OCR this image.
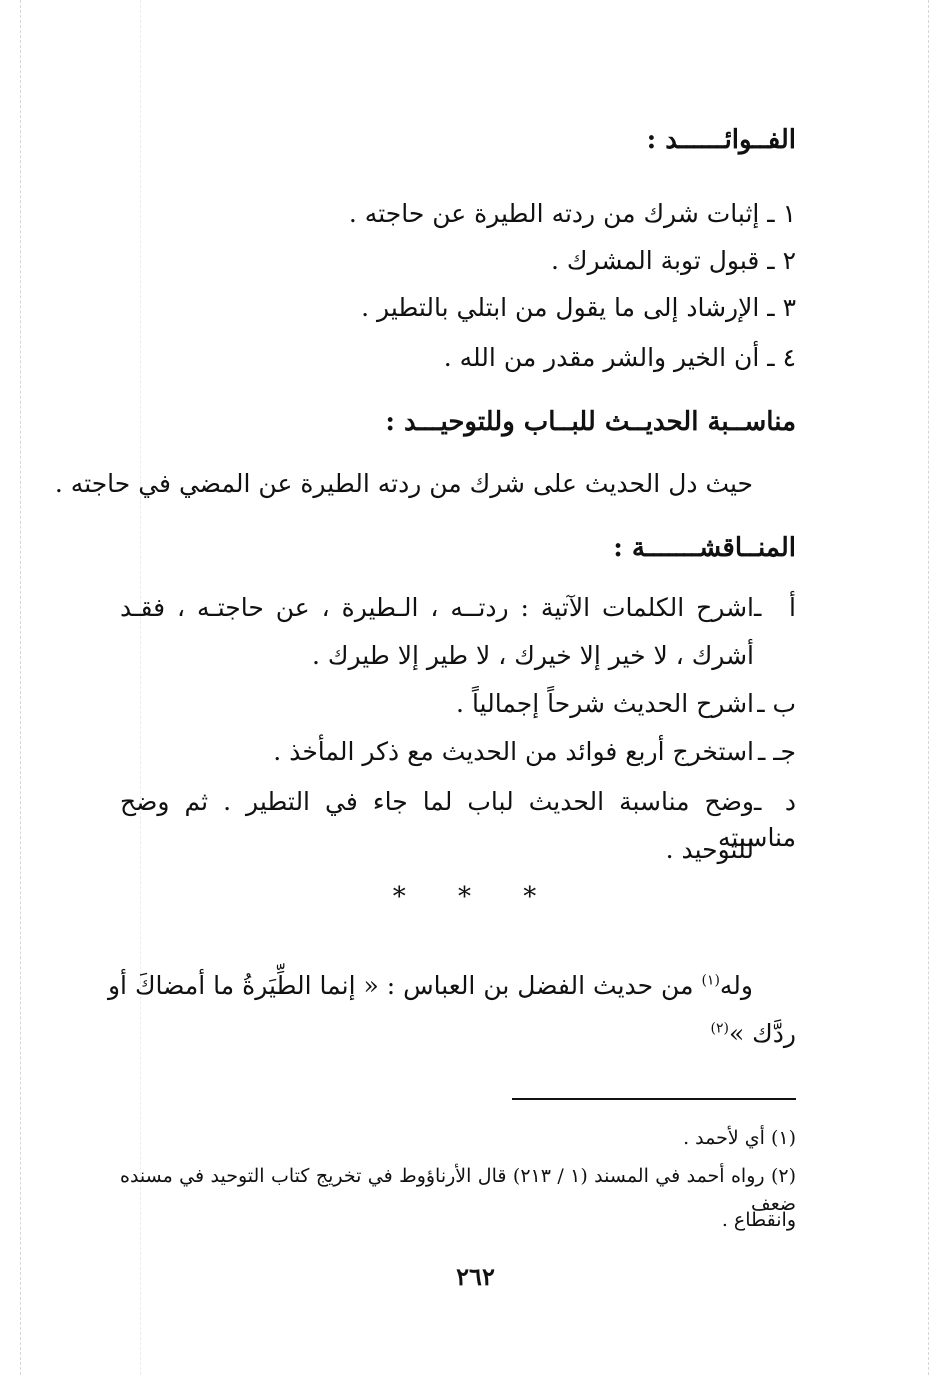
الفــوائــــــد :
١ ـ إثبات شرك من ردته الطيرة عن حاجته .
٢ ـ قبول توبة المشرك .
٣ ـ الإرشاد إلى ما يقول من ابتلي بالتطير .
٤ ـ أن الخير والشر مقدر من الله .
مناســبة الحديــث للبــاب وللتوحيـــد :
حيث دل الحديث على شرك من ردته الطيرة عن المضي في حاجته .
المنــاقشـــــــة :
أ ـاشرح الكلمات الآتية : ردتــه ، الـطيرة ، عن حاجتـه ، فقـد
أشرك ، لا خير إلا خيرك ، لا طير إلا طيرك .
ب ـاشرح الحديث شرحاً إجمالياً .
جـ ـاستخرج أربع فوائد من الحديث مع ذكر المأخذ .
د ـوضح مناسبة الحديث لباب لما جاء في التطير . ثم وضح مناسبته
للتوحيد .
* * *
وله$^{(١)}$ من حديث الفضل بن العباس : « إنما الطِّيَرةُ ما أمضاكَ أو
ردَّك »$^{(٢)}$
(١) أي لأحمد .
(٢) رواه أحمد في المسند (١ / ٢١٣) قال الأرناؤوط في تخريج كتاب التوحيد في مسنده ضعف
وانقطاع .
٢٦٢
